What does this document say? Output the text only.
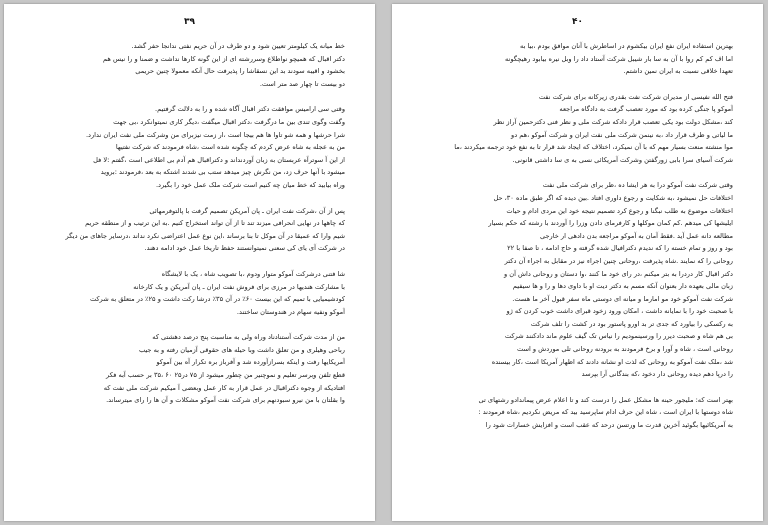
۳۹
خط میانه یک کیلومتر تعیین شود و دو طرف در آن حریم نفتی ندانجا حفر گشد.
دکتر اقبال که همیچو نواطلاع وسررشته ای از این گونه کارها نداشت و ضمنا و را نیس هم
بخشود و اقیبه سودند بد این نسقاشا را پذیرفت حال آنکه معمولا چنین حریمی
دو بیست تا چهار صد متر است.
وقتی سی ارامیس موافقت دکتر اقبال آگاه شده و را به دلالت گرفتیم.
وگفت وگوی تندی بین ما درگرفت ،دکتر اقبال میگفت ،دیگر کاری نمیتوانکرد ،بی جهت
شرا حرشها و همه شو تاوا ها هم بیجا است ،ار زمت نیزبرای من وشرکت ملی نفت ایران ندارد.
من به عجله به شاه عرض کردم که چگونه شده است ،شاه فرمودند که شرکت نفتیها
از این آ سوترآه عربستان به زبان آوردنداند و دکتراقبال هم آدم بی اطلاعی است ،گفتم :لا فل
میشود با آنها حرف زد، من نگرش چیز میدهد ستب بی شدند اشتکه به بعد ،فرمودند :بروید
وراه بیابید که خط میان چه کنیم است شرکت ملک عمل خود را بگیرد.
پس از آن ،شرکت نفت ایران ـ پان آمریکن تصمیم گرفت با پالتوفرمهائی
که چاهها در نهایی انحرافی میزند تند تا از آن تواند استخراج کنیم .به این ترتیب و از منطقه حریم
شیم وارا که عمیقا در آن موکل تا بنا برساند ،این نوع عمل اعتراضی نکرد نداند ،درسایر جاهای من دیگر
در شرکت آی یای کی سعنی نمیتوانستند حفظ تاریخا عمل خود ادامه دهند.
شا فتنی درشرکت آموکو متوار ودوم ،با تصویب شاه ، یک با لایشگاه
با مشارکت هندیها در مرزی برای فروش نفت ایران ـ پان آمریکن و یک کارخانه
کودشیمیایی با تمیم که این بیست ۶۰٪ در آن ۳۵٪ درشا رکت داشت و ۲۵٪ در متعلق به شرکت
آموکو ونفیه سهام در هندوستان ساختند.
من از مدت شرکت آستنادناد وراه ولی به مناسبت پنج درصد دهشتی که
رباحی وهیلری و من تعلق داشت وبا حیله های حقوقی آزمیان رفته و به جیب
آمریکایها رفت و اینکه بسرازآورده شد و آفرباز بره تکرار آه بین آموکو
قطع تلفن وبرسر تعلیم و نموچنیر من چطور میشود از ۷۵ در۲۵ ۶۰ ،۳۵ بر حسب آبه فکر
افتادیکه از وجوه دکتراقبال در عمل قرار به کار عمل وبعضی آ میکیم شرکت ملی نفت که
وا بقلتان با من نیرو سبودنهم برای شرکت نفت آموکو مشکلات و آن ها را رای میترساند.
۴۰
بهترین استفاده ایران نفع ایران بیکشوم در اساطرش با آنان موافق بودم ،بیا به
اما اف کم کم روا با آن به سا بار شیبل شرکت آستاد داد را وبل نیره بیابود رهیچگونه
تعهدا خلاقی نسبت به ایران نمین داشتم.
فتح الله نفیسی از مدیران شرکت نفت بقدری زیرکانه برای شرکت نفت
آموکو پا جنگی کرده بود که مورد تعصب گرفت به دادگاه مراجعه
کند ،مشکل دولت بود یکی تعصب قرار دادکه شرکت ملی و نظر فنی دکترحمین آراز نظر
ما لیاتی و ظرف قرار داد ،به نینمن شرکت ملی نفت ایران و شرکت آموکو ،هم دو
موا منشته منعت بسیار مهم که با آن نمیکرد، اختلاف که ایجاد شد قرار تا به نفع خود ترجمه میکردند ،ما
شرکت آسیای سرا بابی زورگفتن وشرکت آمریکائی نسی به ی سا داشتی قانونی.
وقتی شرکت نفت آموکو درا به هر ایشا ده ،ظر برای شرکت ملی نفت
اختلافات حل نمیشود ،به شکایت و رجوع داوری افتاد .بین دیده که اگر طبق ماده ۳۰، حل
اختلافات موضوع به طلب نبگنا و رجوع کرد تصمیم نتیجه خود این مردی ادام و حیات
ایلیشها کی میدهم .کم کمان موکلها و کارفرمای دادن وزرا را آوردند با رشته که حکم بسیار
مطالعه دانه عمل آید .فقط آمان به آموکو مراجعه بدن دادهی ار خارجی
بود و روز و تمام خسته را که ندیدم دکترافیال شده گرفته و حاج ادامه ، تا صفا با ۲۲
روحانی را که نمایند .شاه پذیرفت ،روحانی چنین اجراء نیز در مقابل به اجراء آن دکتر
دکتر اقبال کار دردرا به بتر میکنم ،در رای خود ما کنند ،وا دستان و روحانی داش آن و
زبان مالی بعهده دار بعنوان آنکه مسم به دکتر دیت او با داوی دها و را و ها سیفیم
شرکت نفت آموکو خود مو امارما و میانه ای دوستی ماه سفر قبول آخر ما هست.
با صحبت خود را با نمایانه داشت ، امکان ورود زخود قبرای داشت خوب کردن که ژو
به رکسکی را بیاورد که جدی تر بد اورو پاستور بود در کشت را تلف شرکت
بی هم شاه و صحبت دیرر را ورسینمودیم را نیاس تک گیف علوم ماند دادکنند شرکت
روحانی است ، شاه و آورا و برخ فرمودند به برودنه روحانی تلی موردش و است
شد ،ملک نفت آموکو به روحانی که لذت او نشانه دادند که اظهار آمریکا است ،کار بیسنده
را درپا دهم دیده روحانی دار دخود ،که بندگانی آرا بپرسد
بهتر است که: ملیجور حینه ها مشکل عمل را درست کند و تا اعلام عرض پیماندادو رشتهای تی
شاه دوستها با ایران است ، شاه این حرف ادام ساپرسید بید که مریض نکردیم ،شاه فرمودند :
به آمریکائیها بگوئید آخرین قدرت ما ورتسن درحد که عقب است و افزایش خسارات شود را
